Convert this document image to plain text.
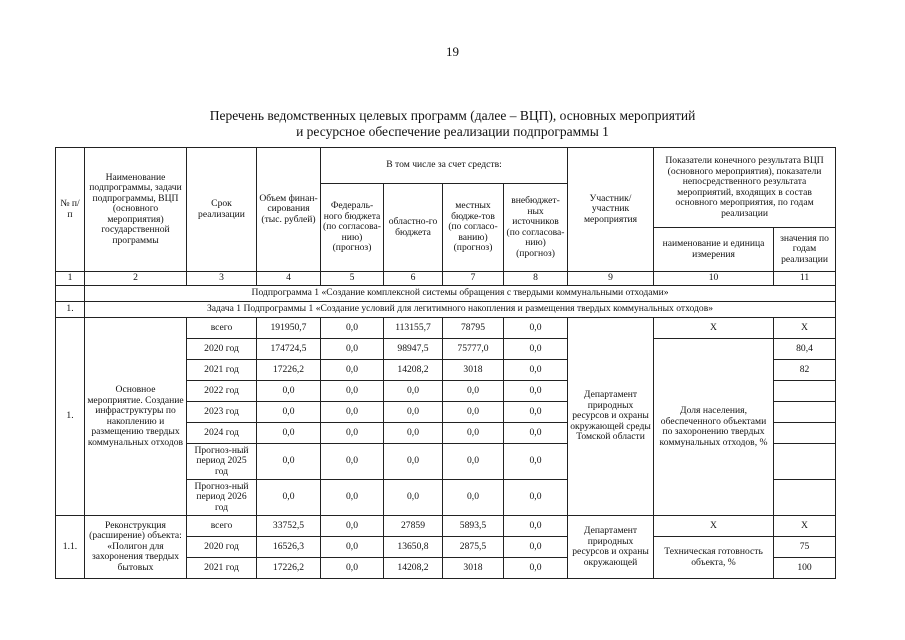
19
Перечень ведомственных целевых программ (далее – ВЦП), основных мероприятий
и ресурсное обеспечение реализации подпрограммы 1
№ п/п	Наименование подпрограммы, задачи подпрограммы, ВЦП (основного мероприятия) государственной программы	Срок реализации	Объем финан-сирования (тыс. рублей)	В том числе за счет средств:				Участник/ участник мероприятия	Показатели конечного результата ВЦП (основного мероприятия), показатели непосредственного результата мероприятий, входящих в состав основного мероприятия, по годам реализации	
				Федераль-ного бюджета (по согласова-нию) (прогноз)	областно-го бюджета	местных бюдже-тов (по согласо-ванию) (прогноз)	внебюджет-ных источников (по согласова-нию) (прогноз)			
									наименование и единица измерения	значения по годам реализации
1	2	3	4	5	6	7	8	9	10	11
	Подпрограмма 1 «Создание комплексной системы обращения с твердыми коммунальными отходами»									
1.	Задача 1 Подпрограммы 1 «Создание условий для легитимного накопления и размещения твердых коммунальных отходов»									
1.	Основное мероприятие. Создание инфраструктуры по накоплению и размещению твердых коммунальных отходов	всего	191950,7	0,0	113155,7	78795	0,0	Департамент природных ресурсов и охраны окружающей среды Томской области	Х	Х
		2020 год	174724,5	0,0	98947,5	75777,0	0,0		Доля населения, обеспеченного объектами по захоронению твердых коммунальных отходов, %	80,4
		2021 год	17226,2	0,0	14208,2	3018	0,0			82
		2022 год	0,0	0,0	0,0	0,0	0,0			
		2023 год	0,0	0,0	0,0	0,0	0,0			
		2024 год	0,0	0,0	0,0	0,0	0,0			
		Прогноз-ный период 2025 год	0,0	0,0	0,0	0,0	0,0			
		Прогноз-ный период 2026 год	0,0	0,0	0,0	0,0	0,0			
1.1.	Реконструкция (расширение) объекта: «Полигон для захоронения твердых бытовых	всего	33752,5	0,0	27859	5893,5	0,0	Департамент природных ресурсов и охраны окружающей	Х	Х
		2020 год	16526,3	0,0	13650,8	2875,5	0,0		Техническая готовность объекта, %	75
		2021 год	17226,2	0,0	14208,2	3018	0,0			100
